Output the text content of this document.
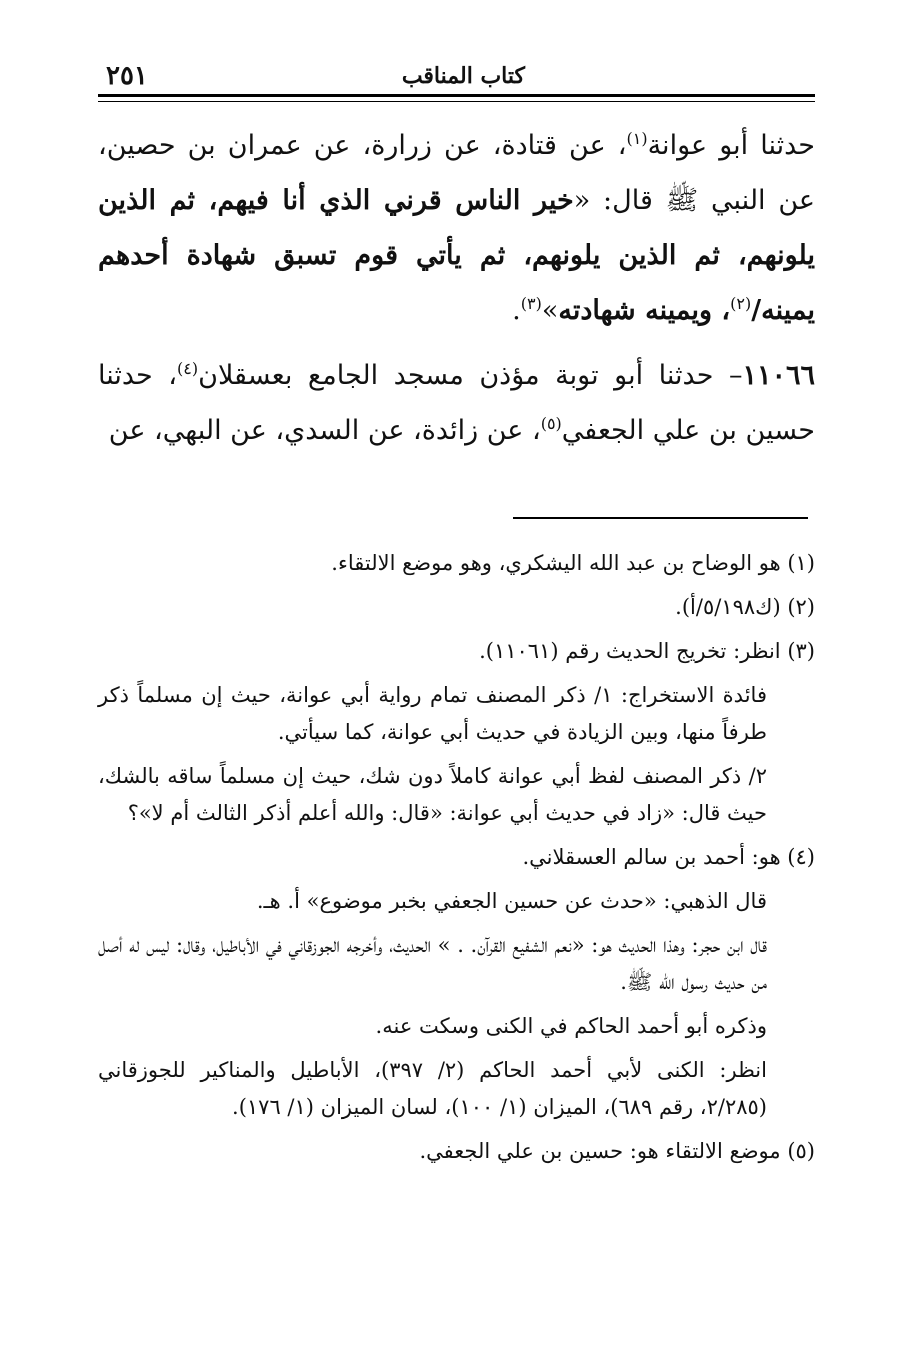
كتاب المناقب
٢٥١

حدثنا أبو عوانة$^{(١)}$، عن قتادة، عن زرارة، عن عمران بن حصين، عن النبي ﷺ قال: «خير الناس قرني الذي أنا فيهم، ثم الذين يلونهم، ثم الذين يلونهم، ثم يأتي قوم تسبق شهادة أحدهم يمينه/$^{(٢)}$، ويمينه شهادته»$^{(٣)}$.

١١٠٦٦– حدثنا أبو توبة مؤذن مسجد الجامع بعسقلان$^{(٤)}$، حدثنا حسين بن علي الجعفي$^{(٥)}$، عن زائدة، عن السدي، عن البهي، عن

(١) هو الوضاح بن عبد الله اليشكري، وهو موضع الالتقاء.

(٢) (ك٥/١٩٨/أ).

(٣) انظر: تخريج الحديث رقم (١١٠٦١).

فائدة الاستخراج: ١/ ذكر المصنف تمام رواية أبي عوانة، حيث إن مسلماً ذكر طرفاً منها، وبين الزيادة في حديث أبي عوانة، كما سيأتي.

٢/ ذكر المصنف لفظ أبي عوانة كاملاً دون شك، حيث إن مسلماً ساقه بالشك، حيث قال: «زاد في حديث أبي عوانة: «قال: والله أعلم أذكر الثالث أم لا»؟

(٤) هو: أحمد بن سالم العسقلاني.

قال الذهبي: «حدث عن حسين الجعفي بخبر موضوع» أ. هـ.

قال ابن حجر: وهذا الحديث هو: «نعم الشفيع القرآن. . » الحديث، وأخرجه الجوزقاني في الأباطيل، وقال: ليس له أصل من حديث رسول الله ﷺ.

وذكره أبو أحمد الحاكم في الكنى وسكت عنه.

انظر: الكنى لأبي أحمد الحاكم (٢/ ٣٩٧)، الأباطيل والمناكير للجوزقاني (٢/٢٨٥، رقم ٦٨٩)، الميزان (١/ ١٠٠)، لسان الميزان (١/ ١٧٦).

(٥) موضع الالتقاء هو: حسين بن علي الجعفي.
